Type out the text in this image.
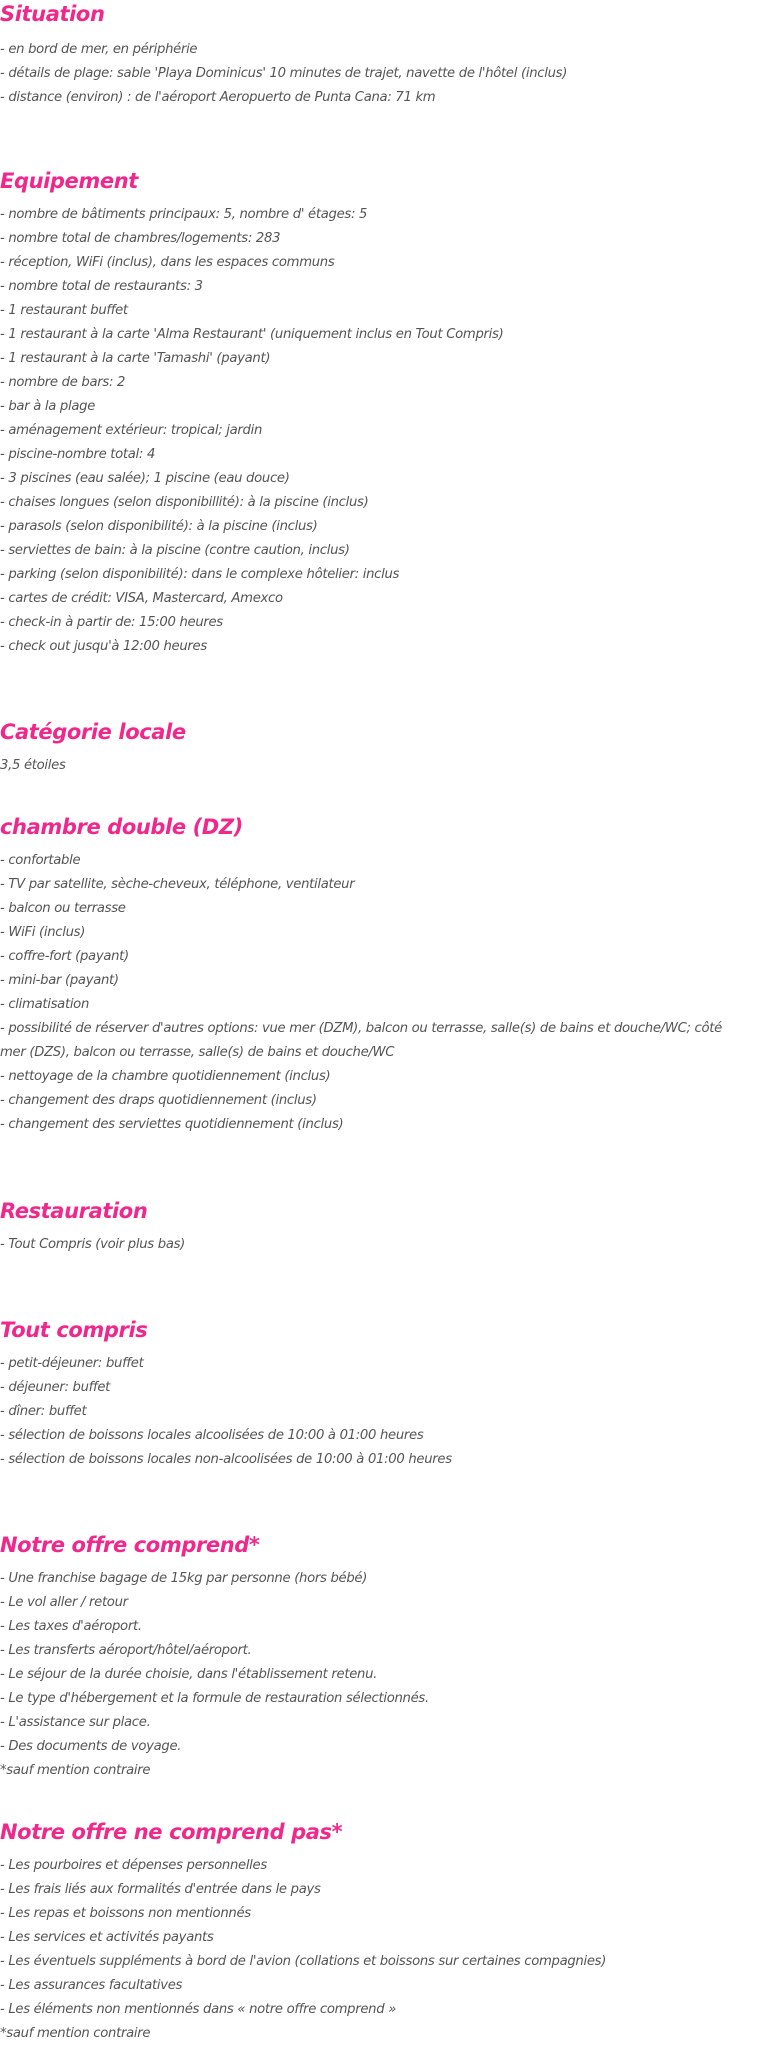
Situation

- en bord de mer, en périphérie

- détails de plage: sable 'Playa Dominicus' 10 minutes de trajet, navette de l'hôtel (inclus)

- distance (environ) : de l'aéroport Aeropuerto de Punta Cana: 71 km

Equipement

- nombre de bâtiments principaux: 5, nombre d' étages: 5

- nombre total de chambres/logements: 283

- réception, WiFi (inclus), dans les espaces communs

- nombre total de restaurants: 3

- 1 restaurant buffet

- 1 restaurant à la carte 'Alma Restaurant' (uniquement inclus en Tout Compris)

- 1 restaurant à la carte 'Tamashi' (payant)

- nombre de bars: 2

- bar à la plage

- aménagement extérieur: tropical; jardin

- piscine-nombre total: 4

- 3 piscines (eau salée); 1 piscine (eau douce)

- chaises longues (selon disponibillité): à la piscine (inclus)

- parasols (selon disponibilité): à la piscine (inclus)

- serviettes de bain: à la piscine (contre caution, inclus)

- parking (selon disponibilité): dans le complexe hôtelier: inclus

- cartes de crédit: VISA, Mastercard, Amexco

- check-in à partir de: 15:00 heures

- check out jusqu'à 12:00 heures

Catégorie locale

3,5 étoiles

chambre double (DZ)

- confortable

- TV par satellite, sèche-cheveux, téléphone, ventilateur

- balcon ou terrasse

- WiFi (inclus)

- coffre-fort (payant)

- mini-bar (payant)

- climatisation

- possibilité de réserver d'autres options: vue mer (DZM), balcon ou terrasse, salle(s) de bains et douche/WC; côté mer (DZS), balcon ou terrasse, salle(s) de bains et douche/WC

- nettoyage de la chambre quotidiennement (inclus)

- changement des draps quotidiennement (inclus)

- changement des serviettes quotidiennement (inclus)

Restauration

- Tout Compris (voir plus bas)

Tout compris

- petit-déjeuner: buffet

- déjeuner: buffet

- dîner: buffet

- sélection de boissons locales alcoolisées de 10:00 à 01:00 heures

- sélection de boissons locales non-alcoolisées de 10:00 à 01:00 heures

Notre offre comprend*

- Une franchise bagage de 15kg par personne (hors bébé)

- Le vol aller / retour

- Les taxes d'aéroport.

- Les transferts aéroport/hôtel/aéroport.

- Le séjour de la durée choisie, dans l'établissement retenu.

- Le type d'hébergement et la formule de restauration sélectionnés.

- L'assistance sur place.

- Des documents de voyage.

*sauf mention contraire

Notre offre ne comprend pas*

- Les pourboires et dépenses personnelles

- Les frais liés aux formalités d'entrée dans le pays

- Les repas et boissons non mentionnés

- Les services et activités payants

- Les éventuels suppléments à bord de l'avion (collations et boissons sur certaines compagnies)

- Les assurances facultatives

- Les éléments non mentionnés dans « notre offre comprend »

*sauf mention contraire
